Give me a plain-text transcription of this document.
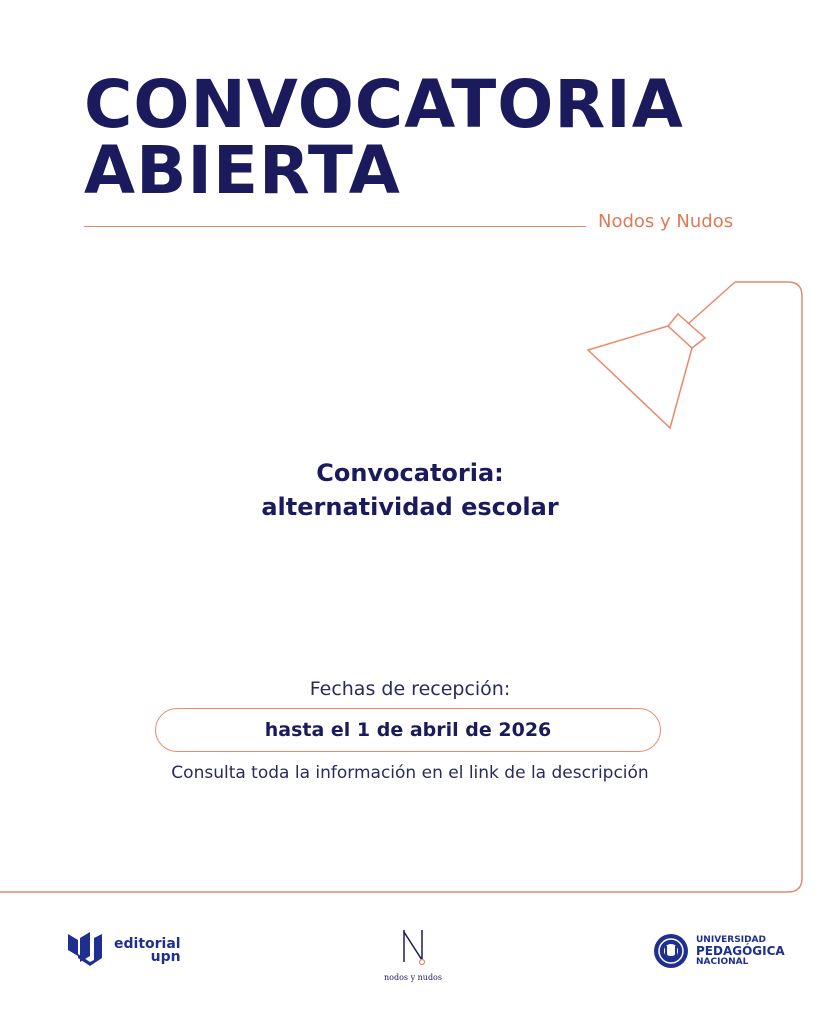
CONVOCATORIA
ABIERTA
Nodos y Nudos
Convocatoria:
alternatividad escolar
Fechas de recepción:
hasta el 1 de abril de 2026
Consulta toda la información en el link de la descripción
editorial
upn
nodos y nudos
UNIVERSIDAD
PEDAGÓGICA
NACIONAL
